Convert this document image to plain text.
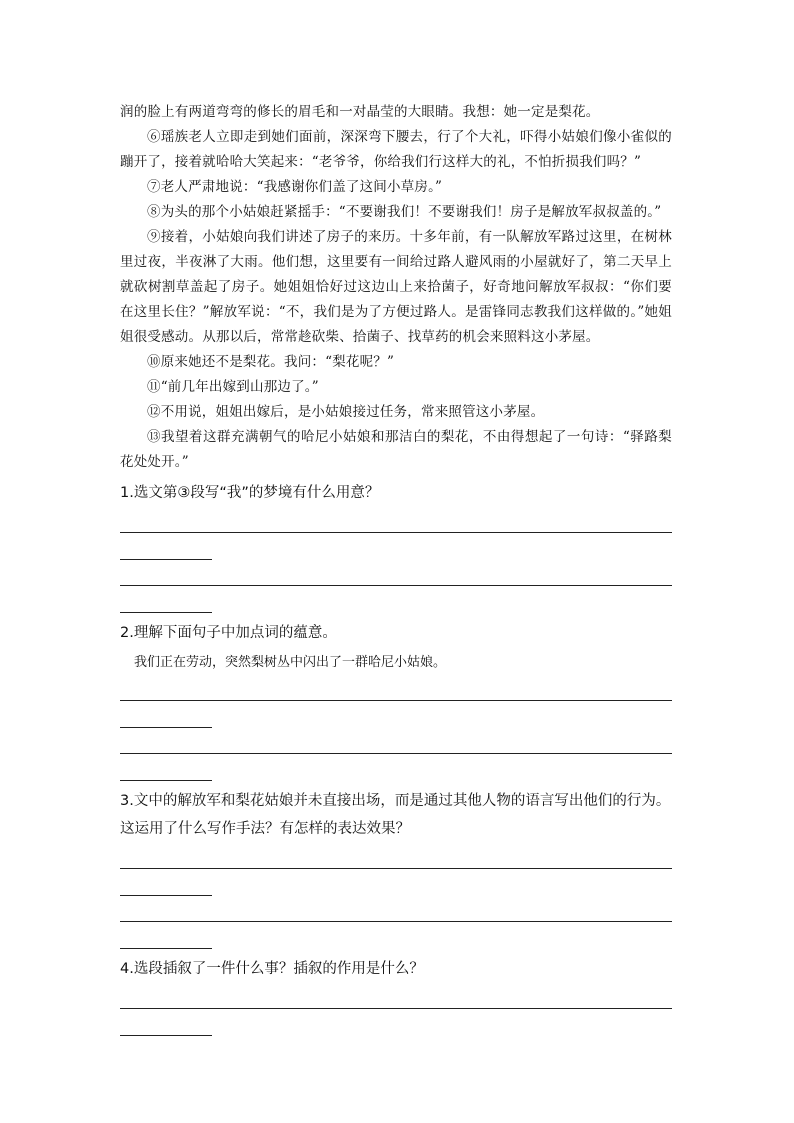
润的脸上有两道弯弯的修长的眉毛和一对晶莹的大眼睛。我想：她一定是梨花。

⑥瑶族老人立即走到她们面前，深深弯下腰去，行了个大礼，吓得小姑娘们像小雀似的蹦开了，接着就哈哈大笑起来：“老爷爷，你给我们行这样大的礼，不怕折损我们吗？”

⑦老人严肃地说：“我感谢你们盖了这间小草房。”

⑧为头的那个小姑娘赶紧摇手：“不要谢我们！不要谢我们！房子是解放军叔叔盖的。”

⑨接着，小姑娘向我们讲述了房子的来历。十多年前，有一队解放军路过这里，在树林里过夜，半夜淋了大雨。他们想，这里要有一间给过路人避风雨的小屋就好了，第二天早上就砍树割草盖起了房子。她姐姐恰好过这边山上来拾菌子，好奇地问解放军叔叔：“你们要在这里长住？”解放军说：“不，我们是为了方便过路人。是雷锋同志教我们这样做的。”她姐姐很受感动。从那以后，常常趁砍柴、拾菌子、找草药的机会来照料这小茅屋。

⑩原来她还不是梨花。我问：“梨花呢？”

⑪“前几年出嫁到山那边了。”

⑫不用说，姐姐出嫁后，是小姑娘接过任务，常来照管这小茅屋。

⑬我望着这群充满朝气的哈尼小姑娘和那洁白的梨花，不由得想起了一句诗：“驿路梨花处处开。”

1.选文第③段写“我”的梦境有什么用意？

2.理解下面句子中加点词的蕴意。

我们正在劳动，突然梨树丛中闪出了一群哈尼小姑娘。

3.文中的解放军和梨花姑娘并未直接出场，而是通过其他人物的语言写出他们的行为。这运用了什么写作手法？有怎样的表达效果？

4.选段插叙了一件什么事？插叙的作用是什么？
